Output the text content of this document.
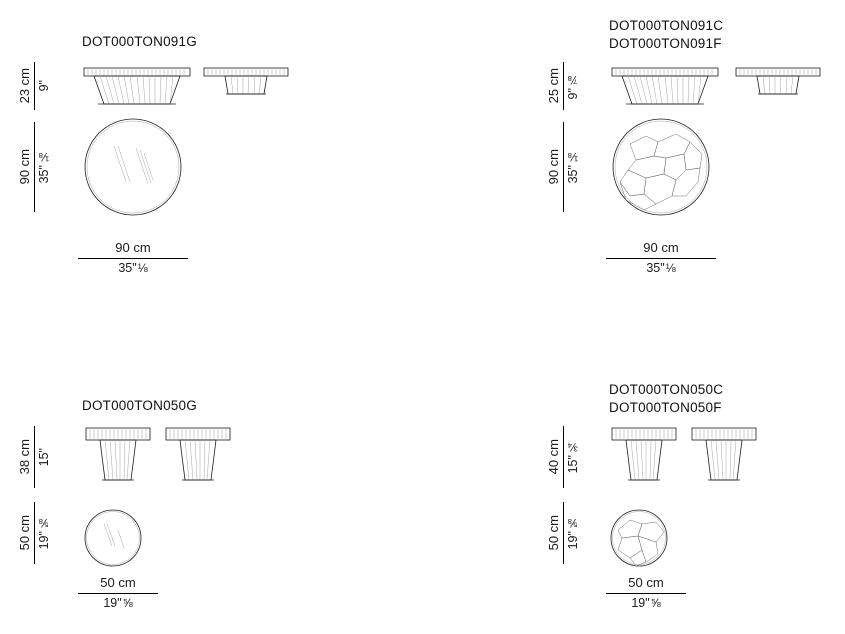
DOT000TON091G
23 cm 9"
90 cm 35" ⅛
90 cm
35" ⅛
DOT000TON091C
DOT000TON091F
25 cm 9" ⅞
90 cm 35" ⅛
90 cm
35" ⅛
DOT000TON050G
38 cm 15"
50 cm 19" ⅝
50 cm
19" ⅝
DOT000TON050C
DOT000TON050F
40 cm 15" ¾
50 cm 19" ⅝
50 cm
19" ⅝
